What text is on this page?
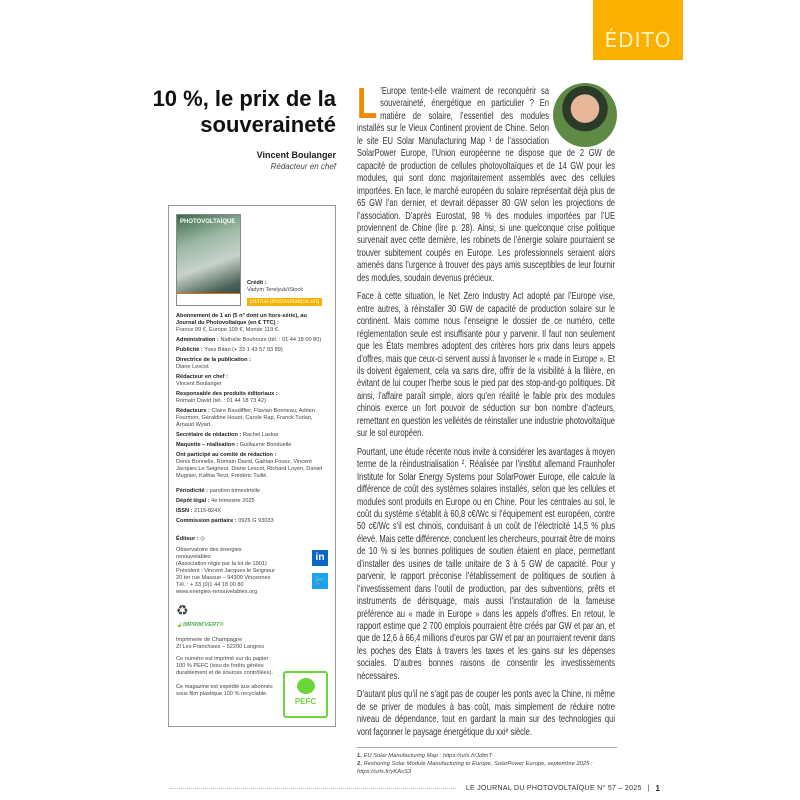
ÉDITO
10 %, le prix de la souveraineté
Vincent Boulanger
Rédacteur en chef
PHOTOVOLTAÏQUE
Crédit :
Vadym Terelyuk/iStock
journal-photovoltaique.org

Abonnement de 1 an (5 n° dont un hors-série), au Journal du Photovoltaïque (en € TTC) :
France 99 €, Europe 109 €, Monde 119 €.

Administration : Nathalie Bouhours (tél. : 01 44 18 00 80)

Publicité : Yves Bitan (+ 33 1 43 57 93 89)

Directrice de la publication :
Diane Lescot

Rédacteur en chef :
Vincent Boulanger

Responsable des produits éditoriaux :
Romain David (tél. : 01 44 18 73 42)

Rédacteurs : Claire Baudiffier, Flavian Bonneau, Adrien Fourmon, Géraldine Houot, Carole Rap, Franck Turlan, Arnaud Wyart.

Secrétaire de rédaction : Rachel Laskar

Maquette – réalisation : Guillaume Bonduelle

Ont participé au comité de rédaction :
Denis Bonnelle, Romain David, Gaëtan Fovez, Vincent Jacques Le Seigneur, Diane Lescot, Richard Loyen, Daniel Mugnier, Kathia Terzi, Frédéric Tuillé.

Périodicité : parution trimestrielle

Dépôt légal : 4e trimestre 2025

ISSN : 2115-824X

Commission paritaire : 0926 G 93033

Éditeur : ◎

Observatoire des énergies renouvelables
(Association régie par la loi de 1901)
Président : Vincent Jacques le Seigneur
20 ter rue Massue – 94300 Vincennes
Tél. : + 33 (0)1 44 18 00 80
www.energies-renouvelables.org

♻

🍃IMPRIM'VERT®

Imprimerie de Champagne

ZI Les Franchises – 52200 Langres

Ce numéro est imprimé sur du papier 100 % PEFC (issu de forêts gérées durablement et de sources contrôlées).

Ce magazine est expédié aux abonnés sous film plastique 100 % recyclable.

in
🐦
PEFC

L ’Europe tente-t-elle vraiment de reconquérir sa souveraineté, énergétique en particulier ? En matière de solaire, l’essentiel des modules installés sur le Vieux Continent provient de Chine. Selon le site EU Solar Manufacturing Map ¹ de l’association SolarPower Europe, l’Union européenne ne dispose que de 2 GW de capacité de production de cellules photovoltaïques et de 14 GW pour les modules, qui sont donc majoritairement assemblés avec des cellules importées. En face, le marché européen du solaire représentait déjà plus de 65 GW l’an dernier, et devrait dépasser 80 GW selon les projections de l’association. D’après Eurostat, 98 % des modules importées par l’UE proviennent de Chine (lire p. 28). Ainsi, si une quelconque crise politique survenait avec cette dernière, les robinets de l’énergie solaire pourraient se trouver subitement coupés en Europe. Les professionnels seraient alors amenés dans l’urgence à trouver des pays amis susceptibles de leur fournir des modules, soudain devenus précieux.

Face à cette situation, le Net Zero Industry Act adopté par l’Europe vise, entre autres, à réinstaller 30 GW de capacité de production solaire sur le continent. Mais comme nous l’enseigne le dossier de ce numéro, cette réglementation seule est insuffisante pour y parvenir. Il faut non seulement que les États membres adoptent des critères hors prix dans leurs appels d’offres, mais que ceux-ci servent aussi à favoriser le « made in Europe ». Et ils doivent également, cela va sans dire, offrir de la visibilité à la filière, en évitant de lui couper l’herbe sous le pied par des stop-and-go politiques. Dit ainsi, l’affaire paraît simple, alors qu’en réalité le faible prix des modules chinois exerce un fort pouvoir de séduction sur bon nombre d’acteurs, remettant en question les velléités de réinstaller une industrie photovoltaïque sur le sol européen.

Pourtant, une étude récente nous invite à considérer les avantages à moyen terme de la réindustrialisation ². Réalisée par l’institut allemand Fraunhofer Institute for Solar Energy Systems pour SolarPower Europe, elle calcule la différence de coût des systèmes solaires installés, selon que les cellules et modules sont produits en Europe ou en Chine. Pour les centrales au sol, le coût du système s’établit à 60,8 c€/Wc si l’équipement est européen, contre 50 c€/Wc s’il est chinois, conduisant à un coût de l’électricité 14,5 % plus élevé. Mais cette différence, concluent les chercheurs, pourrait être de moins de 10 % si les bonnes politiques de soutien étaient en place, permettant d’installer des usines de taille unitaire de 3 à 5 GW de capacité. Pour y parvenir, le rapport préconise l’établissement de politiques de soutien à l’investissement dans l’outil de production, par des subventions, prêts et instruments de dérisquage, mais aussi l’instauration de la fameuse préférence au « made in Europe » dans les appels d’offres. En retour, le rapport estime que 2 700 emplois pourraient être créés par GW et par an, et que de 12,6 à 66,4 millions d’euros par GW et par an pourraient revenir dans les poches des États à travers les taxes et les gains sur les dépenses sociales. D’autres bonnes raisons de consentir les investissements nécessaires.

D’autant plus qu’il ne s’agit pas de couper les ponts avec la Chine, ni même de se priver de modules à bas coût, mais simplement de réduire notre niveau de dépendance, tout en gardant la main sur des technologies qui vont façonner le paysage énergétique du xxiᵉ siècle.

1. EU Solar Manufacturing Map : https://urls.fr/JdlmT
2. Reshoring Solar Module Manufacturing to Europe, SolarPower Europe, septembre 2025 : https://urls.fr/yKAsS3
LE JOURNAL DU PHOTOVOLTAÏQUE N° 57 – 2025 | 1
